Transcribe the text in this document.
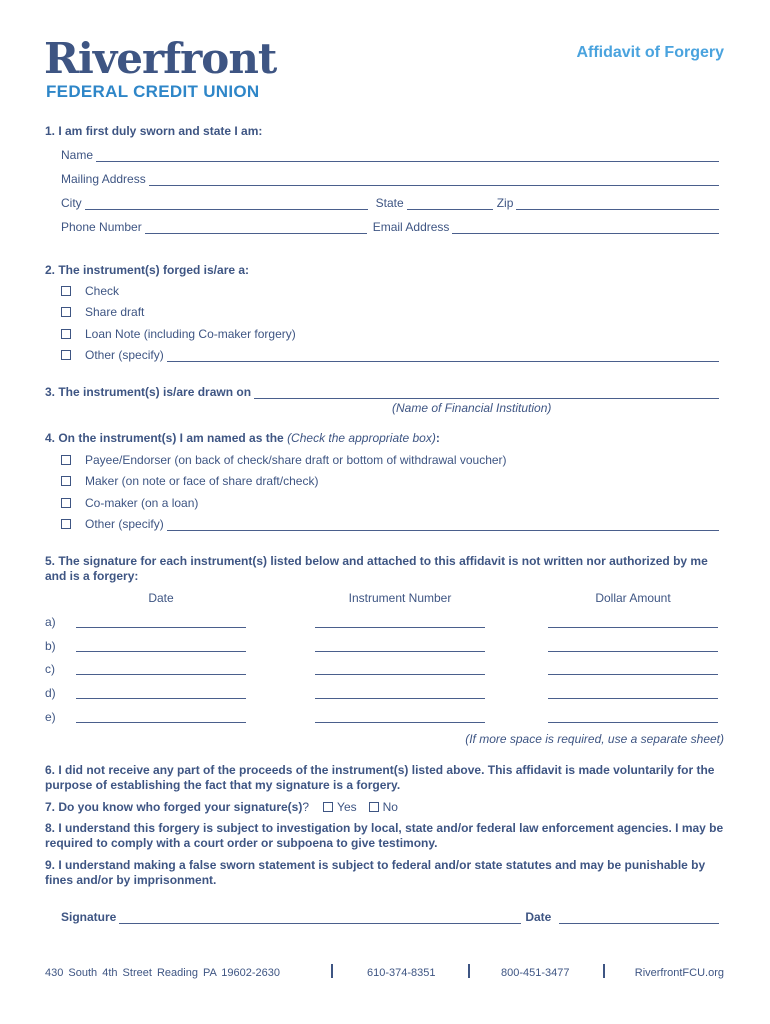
Riverfront
FEDERAL CREDIT UNION
Affidavit of Forgery
1. I am first duly sworn and state I am:
Name
Mailing Address
City	State	Zip
Phone Number	Email Address
2. The instrument(s) forged is/are a:
Check
Share draft
Loan Note (including Co-maker forgery)
Other (specify)
3. The instrument(s) is/are drawn on
(Name of Financial Institution)
4. On the instrument(s) I am named as the (Check the appropriate box):
Payee/Endorser (on back of check/share draft or bottom of withdrawal voucher)
Maker (on note or face of share draft/check)
Co-maker (on a loan)
Other (specify)
5. The signature for each instrument(s) listed below and attached to this affidavit is not written nor authorized by me and is a forgery:
Date	Instrument Number	Dollar Amount
a)
b)
c)
d)
e)
(If more space is required, use a separate sheet)
6. I did not receive any part of the proceeds of the instrument(s) listed above. This affidavit is made voluntarily for the purpose of establishing the fact that my signature is a forgery.
7. Do you know who forged your signature(s) ? Yes No
8. I understand this forgery is subject to investigation by local, state and/or federal law enforcement agencies. I may be required to comply with a court order or subpoena to give testimony.
9. I understand making a false sworn statement is subject to federal and/or state statutes and may be punishable by fines and/or by imprisonment.
Signature	Date
430 South 4th Street Reading PA 19602-2630	610-374-8351	800-451-3477	RiverfrontFCU.org
